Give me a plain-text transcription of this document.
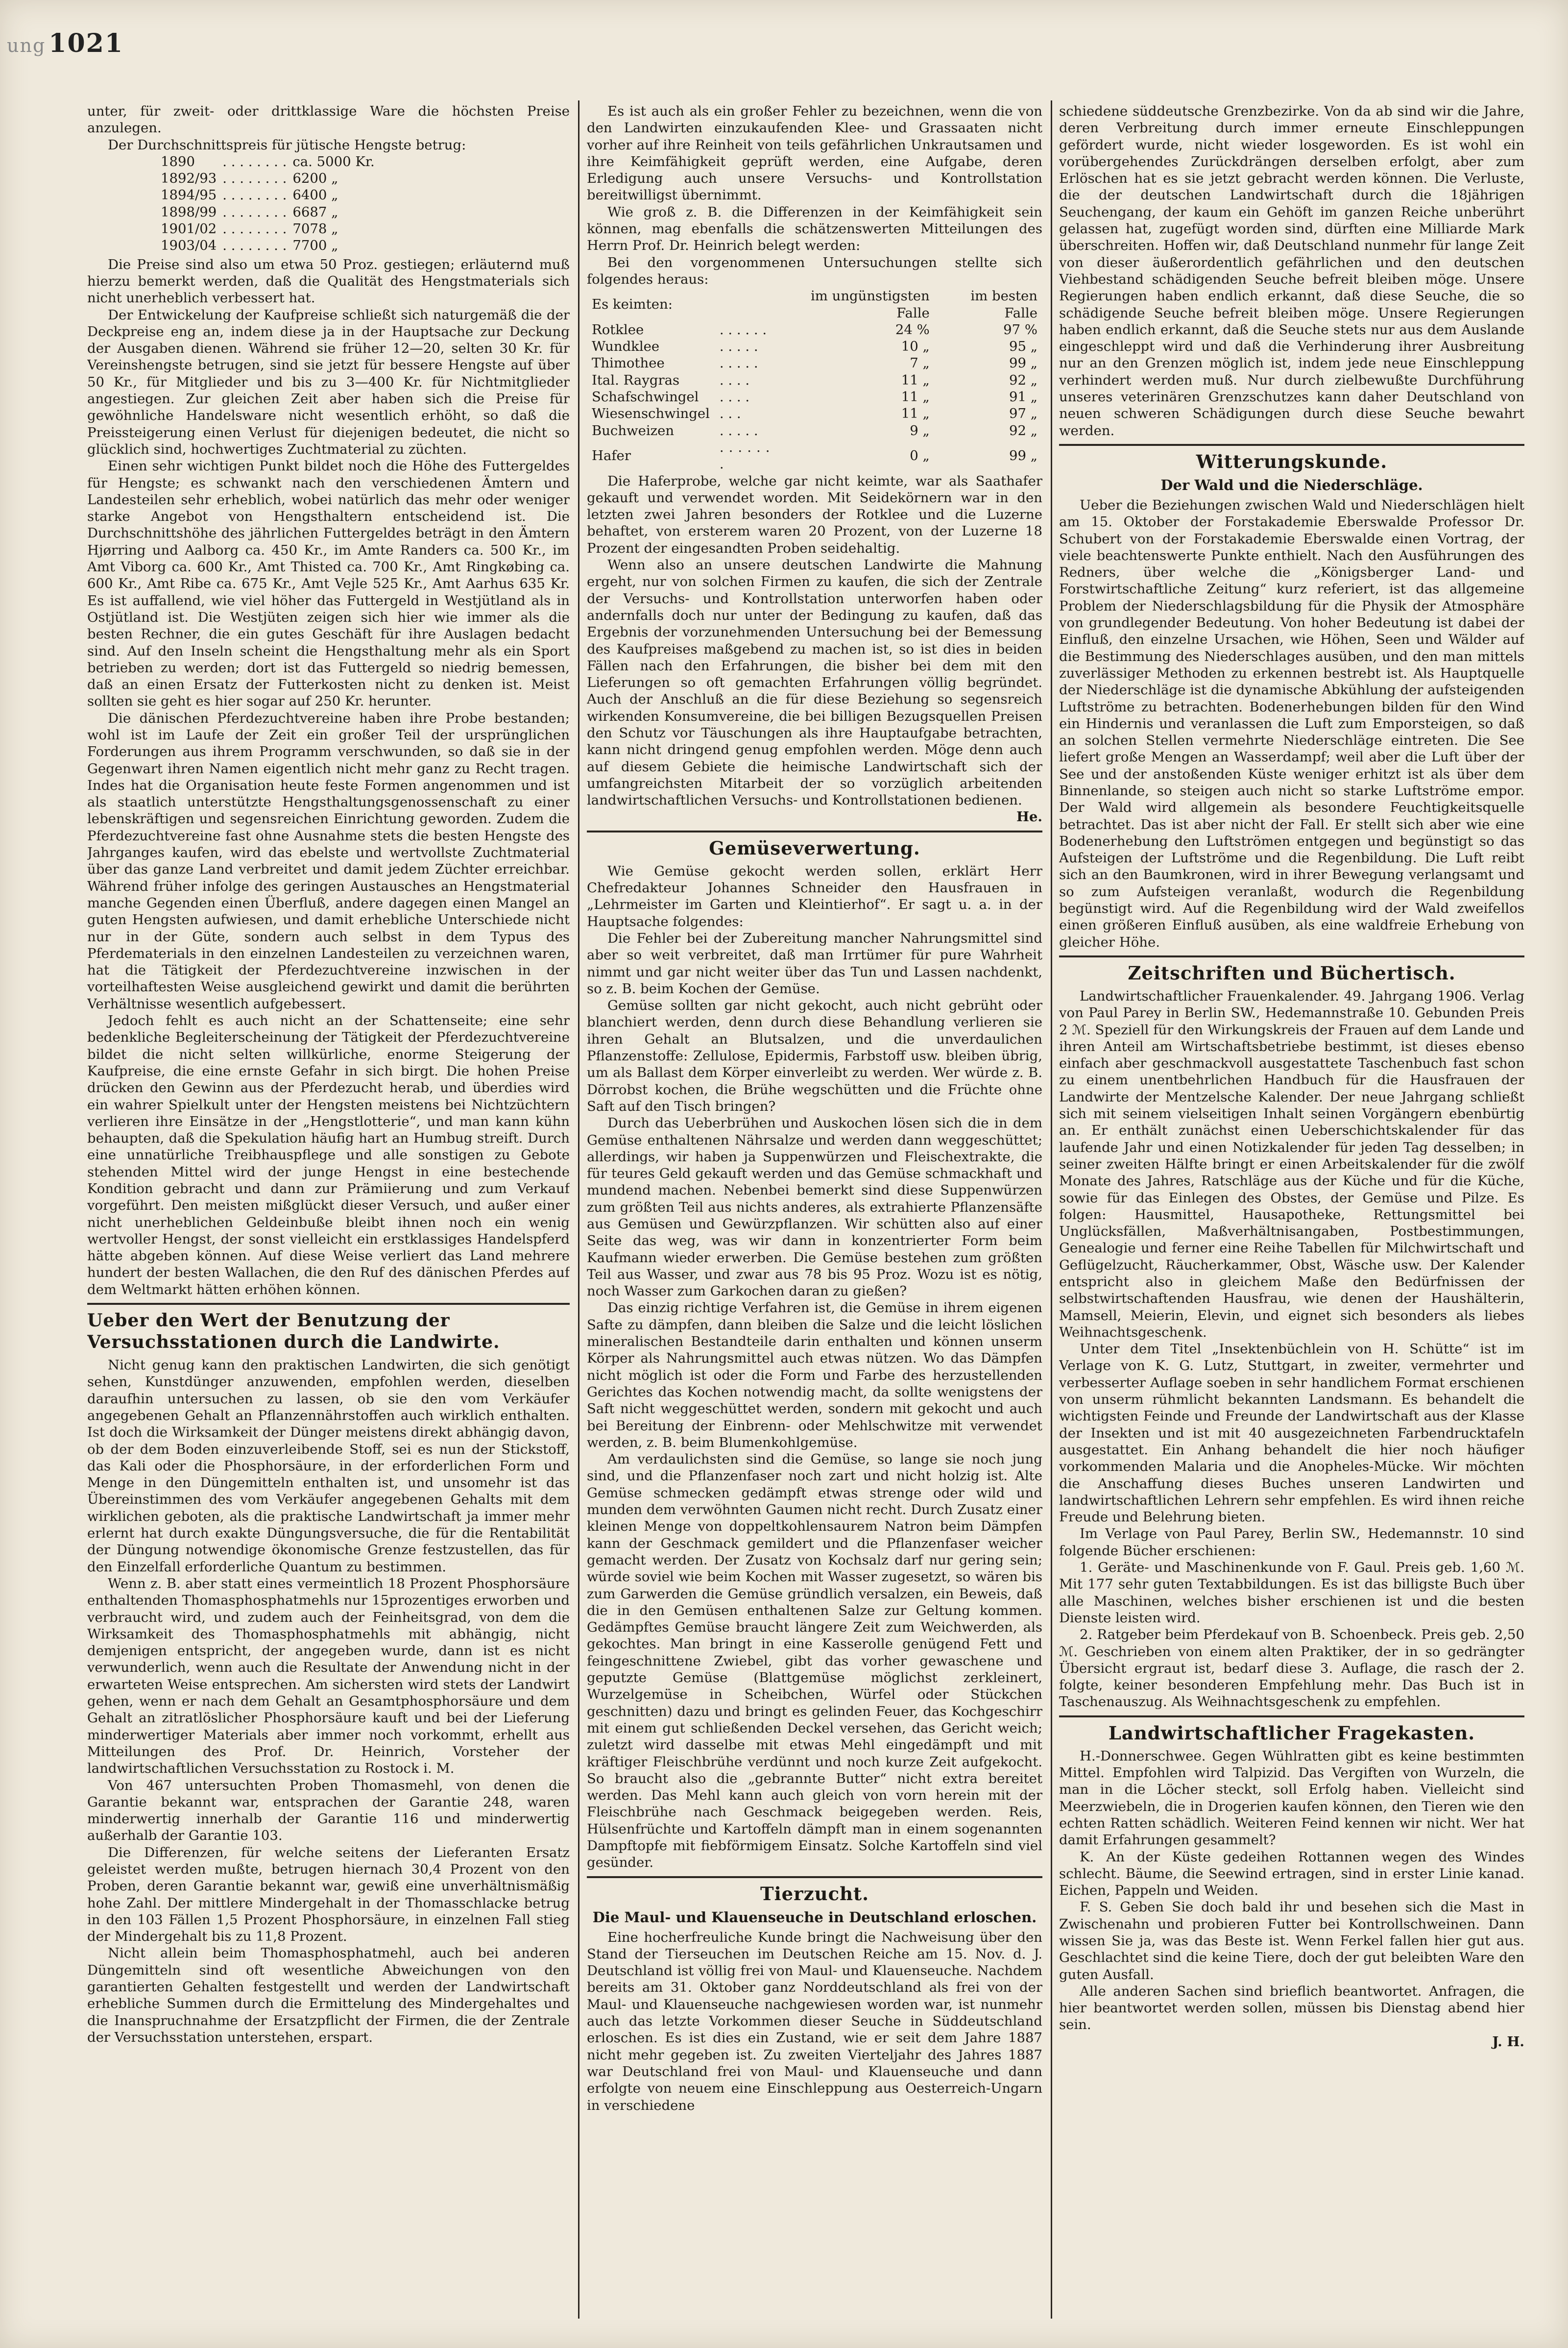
ung 1021

unter, für zweit- oder drittklassige Ware die höchsten Preise anzulegen.

Der Durchschnittspreis für jütische Hengste betrug:

1890	. . . . . . . .	ca. 5000 Kr.
1892/93	. . . . . . . .	6200 „
1894/95	. . . . . . . .	6400 „
1898/99	. . . . . . . .	6687 „
1901/02	. . . . . . . .	7078 „
1903/04	. . . . . . . .	7700 „

Die Preise sind also um etwa 50 Proz. gestiegen; erläuternd muß hierzu bemerkt werden, daß die Qualität des Hengstmaterials sich nicht unerheblich verbessert hat.

Der Entwickelung der Kaufpreise schließt sich naturgemäß die der Deckpreise eng an, indem diese ja in der Hauptsache zur Deckung der Ausgaben dienen. Während sie früher 12—20, selten 30 Kr. für Vereinshengste betrugen, sind sie jetzt für bessere Hengste auf über 50 Kr., für Mitglieder und bis zu 3—400 Kr. für Nichtmitglieder angestiegen. Zur gleichen Zeit aber haben sich die Preise für gewöhnliche Handelsware nicht wesentlich erhöht, so daß die Preissteigerung einen Verlust für diejenigen bedeutet, die nicht so glücklich sind, hochwertiges Zuchtmaterial zu züchten.

Einen sehr wichtigen Punkt bildet noch die Höhe des Futtergeldes für Hengste; es schwankt nach den verschiedenen Ämtern und Landesteilen sehr erheblich, wobei natürlich das mehr oder weniger starke Angebot von Hengsthaltern entscheidend ist. Die Durchschnittshöhe des jährlichen Futtergeldes beträgt in den Ämtern Hjørring und Aalborg ca. 450 Kr., im Amte Randers ca. 500 Kr., im Amt Viborg ca. 600 Kr., Amt Thisted ca. 700 Kr., Amt Ringkøbing ca. 600 Kr., Amt Ribe ca. 675 Kr., Amt Vejle 525 Kr., Amt Aarhus 635 Kr. Es ist auffallend, wie viel höher das Futtergeld in Westjütland als in Ostjütland ist. Die Westjüten zeigen sich hier wie immer als die besten Rechner, die ein gutes Geschäft für ihre Auslagen bedacht sind. Auf den Inseln scheint die Hengsthaltung mehr als ein Sport betrieben zu werden; dort ist das Futtergeld so niedrig bemessen, daß an einen Ersatz der Futterkosten nicht zu denken ist. Meist sollten sie geht es hier sogar auf 250 Kr. herunter.

Die dänischen Pferdezuchtvereine haben ihre Probe bestanden; wohl ist im Laufe der Zeit ein großer Teil der ursprünglichen Forderungen aus ihrem Programm verschwunden, so daß sie in der Gegenwart ihren Namen eigentlich nicht mehr ganz zu Recht tragen. Indes hat die Organisation heute feste Formen angenommen und ist als staatlich unterstützte Hengsthaltungsgenossenschaft zu einer lebenskräftigen und segensreichen Einrichtung geworden. Zudem die Pferdezuchtvereine fast ohne Ausnahme stets die besten Hengste des Jahrganges kaufen, wird das ebelste und wertvollste Zuchtmaterial über das ganze Land verbreitet und damit jedem Züchter erreichbar. Während früher infolge des geringen Austausches an Hengstmaterial manche Gegenden einen Überfluß, andere dagegen einen Mangel an guten Hengsten aufwiesen, und damit erhebliche Unterschiede nicht nur in der Güte, sondern auch selbst in dem Typus des Pferdematerials in den einzelnen Landesteilen zu verzeichnen waren, hat die Tätigkeit der Pferdezuchtvereine inzwischen in der vorteilhaftesten Weise ausgleichend gewirkt und damit die berührten Verhältnisse wesentlich aufgebessert.

Jedoch fehlt es auch nicht an der Schattenseite; eine sehr bedenkliche Begleiterscheinung der Tätigkeit der Pferdezuchtvereine bildet die nicht selten willkürliche, enorme Steigerung der Kaufpreise, die eine ernste Gefahr in sich birgt. Die hohen Preise drücken den Gewinn aus der Pferdezucht herab, und überdies wird ein wahrer Spielkult unter der Hengsten meistens bei Nichtzüchtern verlieren ihre Einsätze in der „Hengstlotterie“, und man kann kühn behaupten, daß die Spekulation häufig hart an Humbug streift. Durch eine unnatürliche Treibhauspflege und alle sonstigen zu Gebote stehenden Mittel wird der junge Hengst in eine bestechende Kondition gebracht und dann zur Prämiierung und zum Verkauf vorgeführt. Den meisten mißglückt dieser Versuch, und außer einer nicht unerheblichen Geldeinbuße bleibt ihnen noch ein wenig wertvoller Hengst, der sonst vielleicht ein erstklassiges Handelspferd hätte abgeben können. Auf diese Weise verliert das Land mehrere hundert der besten Wallachen, die den Ruf des dänischen Pferdes auf dem Weltmarkt hätten erhöhen können.

Ueber den Wert der Benutzung der Versuchsstationen durch die Landwirte.

Nicht genug kann den praktischen Landwirten, die sich genötigt sehen, Kunstdünger anzuwenden, empfohlen werden, dieselben daraufhin untersuchen zu lassen, ob sie den vom Verkäufer angegebenen Gehalt an Pflanzennährstoffen auch wirklich enthalten. Ist doch die Wirksamkeit der Dünger meistens direkt abhängig davon, ob der dem Boden einzuverleibende Stoff, sei es nun der Stickstoff, das Kali oder die Phosphorsäure, in der erforderlichen Form und Menge in den Düngemitteln enthalten ist, und unsomehr ist das Übereinstimmen des vom Verkäufer angegebenen Gehalts mit dem wirklichen geboten, als die praktische Landwirtschaft ja immer mehr erlernt hat durch exakte Düngungsversuche, die für die Rentabilität der Düngung notwendige ökonomische Grenze festzustellen, das für den Einzelfall erforderliche Quantum zu bestimmen.

Wenn z. B. aber statt eines vermeintlich 18 Prozent Phosphorsäure enthaltenden Thomasphosphatmehls nur 15prozentiges erworben und verbraucht wird, und zudem auch der Feinheitsgrad, von dem die Wirksamkeit des Thomasphosphatmehls mit abhängig, nicht demjenigen entspricht, der angegeben wurde, dann ist es nicht verwunderlich, wenn auch die Resultate der Anwendung nicht in der erwarteten Weise entsprechen. Am sichersten wird stets der Landwirt gehen, wenn er nach dem Gehalt an Gesamtphosphorsäure und dem Gehalt an zitratlöslicher Phosphorsäure kauft und bei der Lieferung minderwertiger Materials aber immer noch vorkommt, erhellt aus Mitteilungen des Prof. Dr. Heinrich, Vorsteher der landwirtschaftlichen Versuchsstation zu Rostock i. M.

Von 467 untersuchten Proben Thomasmehl, von denen die Garantie bekannt war, entsprachen der Garantie 248, waren minderwertig innerhalb der Garantie 116 und minderwertig außerhalb der Garantie 103.

Die Differenzen, für welche seitens der Lieferanten Ersatz geleistet werden mußte, betrugen hiernach 30,4 Prozent von den Proben, deren Garantie bekannt war, gewiß eine unverhältnismäßig hohe Zahl. Der mittlere Mindergehalt in der Thomasschlacke betrug in den 103 Fällen 1,5 Prozent Phosphorsäure, in einzelnen Fall stieg der Mindergehalt bis zu 11,8 Prozent.

Nicht allein beim Thomasphosphatmehl, auch bei anderen Düngemitteln sind oft wesentliche Abweichungen von den garantierten Gehalten festgestellt und werden der Landwirtschaft erhebliche Summen durch die Ermittelung des Mindergehaltes und die Inanspruchnahme der Ersatzpflicht der Firmen, die der Zentrale der Versuchsstation unterstehen, erspart.

Es ist auch als ein großer Fehler zu bezeichnen, wenn die von den Landwirten einzukaufenden Klee- und Grassaaten nicht vorher auf ihre Reinheit von teils gefährlichen Unkrautsamen und ihre Keimfähigkeit geprüft werden, eine Aufgabe, deren Erledigung auch unsere Versuchs- und Kontrollstation bereitwilligst übernimmt.

Wie groß z. B. die Differenzen in der Keimfähigkeit sein können, mag ebenfalls die schätzenswerten Mitteilungen des Herrn Prof. Dr. Heinrich belegt werden:

Bei den vorgenommenen Untersuchungen stellte sich folgendes heraus:

Es keimten:		im ungünstigsten Falle	im besten Falle
Rotklee	. . . . . .	24 %	97 %
Wundklee	. . . . .	10 „	95 „
Thimothee	. . . . .	7 „	99 „
Ital. Raygras	. . . .	11 „	92 „
Schafschwingel	. . . .	11 „	91 „
Wiesenschwingel	. . .	11 „	97 „
Buchweizen	. . . . .	9 „	92 „
Hafer	. . . . . . .	0 „	99 „

Die Haferprobe, welche gar nicht keimte, war als Saathafer gekauft und verwendet worden. Mit Seidekörnern war in den letzten zwei Jahren besonders der Rotklee und die Luzerne behaftet, von ersterem waren 20 Prozent, von der Luzerne 18 Prozent der eingesandten Proben seidehaltig.

Wenn also an unsere deutschen Landwirte die Mahnung ergeht, nur von solchen Firmen zu kaufen, die sich der Zentrale der Versuchs- und Kontrollstation unterworfen haben oder andernfalls doch nur unter der Bedingung zu kaufen, daß das Ergebnis der vorzunehmenden Untersuchung bei der Bemessung des Kaufpreises maßgebend zu machen ist, so ist dies in beiden Fällen nach den Erfahrungen, die bisher bei dem mit den Lieferungen so oft gemachten Erfahrungen völlig begründet. Auch der Anschluß an die für diese Beziehung so segensreich wirkenden Konsumvereine, die bei billigen Bezugsquellen Preisen den Schutz vor Täuschungen als ihre Hauptaufgabe betrachten, kann nicht dringend genug empfohlen werden. Möge denn auch auf diesem Gebiete die heimische Landwirtschaft sich der umfangreichsten Mitarbeit der so vorzüglich arbeitenden landwirtschaftlichen Versuchs- und Kontrollstationen bedienen.

He.
Gemüseverwertung.

Wie Gemüse gekocht werden sollen, erklärt Herr Chefredakteur Johannes Schneider den Hausfrauen in „Lehrmeister im Garten und Kleintierhof“. Er sagt u. a. in der Hauptsache folgendes:

Die Fehler bei der Zubereitung mancher Nahrungsmittel sind aber so weit verbreitet, daß man Irrtümer für pure Wahrheit nimmt und gar nicht weiter über das Tun und Lassen nachdenkt, so z. B. beim Kochen der Gemüse.

Gemüse sollten gar nicht gekocht, auch nicht gebrüht oder blanchiert werden, denn durch diese Behandlung verlieren sie ihren Gehalt an Blutsalzen, und die unverdaulichen Pflanzenstoffe: Zellulose, Epidermis, Farbstoff usw. bleiben übrig, um als Ballast dem Körper einverleibt zu werden. Wer würde z. B. Dörrobst kochen, die Brühe wegschütten und die Früchte ohne Saft auf den Tisch bringen?

Durch das Ueberbrühen und Auskochen lösen sich die in dem Gemüse enthaltenen Nährsalze und werden dann weggeschüttet; allerdings, wir haben ja Suppenwürzen und Fleischextrakte, die für teures Geld gekauft werden und das Gemüse schmackhaft und mundend machen. Nebenbei bemerkt sind diese Suppenwürzen zum größten Teil aus nichts anderes, als extrahierte Pflanzensäfte aus Gemüsen und Gewürzpflanzen. Wir schütten also auf einer Seite das weg, was wir dann in konzentrierter Form beim Kaufmann wieder erwerben. Die Gemüse bestehen zum größten Teil aus Wasser, und zwar aus 78 bis 95 Proz. Wozu ist es nötig, noch Wasser zum Garkochen daran zu gießen?

Das einzig richtige Verfahren ist, die Gemüse in ihrem eigenen Safte zu dämpfen, dann bleiben die Salze und die leicht löslichen mineralischen Bestandteile darin enthalten und können unserm Körper als Nahrungsmittel auch etwas nützen. Wo das Dämpfen nicht möglich ist oder die Form und Farbe des herzustellenden Gerichtes das Kochen notwendig macht, da sollte wenigstens der Saft nicht weggeschüttet werden, sondern mit gekocht und auch bei Bereitung der Einbrenn- oder Mehlschwitze mit verwendet werden, z. B. beim Blumenkohlgemüse.

Am verdaulichsten sind die Gemüse, so lange sie noch jung sind, und die Pflanzenfaser noch zart und nicht holzig ist. Alte Gemüse schmecken gedämpft etwas strenge oder wild und munden dem verwöhnten Gaumen nicht recht. Durch Zusatz einer kleinen Menge von doppeltkohlensaurem Natron beim Dämpfen kann der Geschmack gemildert und die Pflanzenfaser weicher gemacht werden. Der Zusatz von Kochsalz darf nur gering sein; würde soviel wie beim Kochen mit Wasser zugesetzt, so wären bis zum Garwerden die Gemüse gründlich versalzen, ein Beweis, daß die in den Gemüsen enthaltenen Salze zur Geltung kommen. Gedämpftes Gemüse braucht längere Zeit zum Weichwerden, als gekochtes. Man bringt in eine Kasserolle genügend Fett und feingeschnittene Zwiebel, gibt das vorher gewaschene und geputzte Gemüse (Blattgemüse möglichst zerkleinert, Wurzelgemüse in Scheibchen, Würfel oder Stückchen geschnitten) dazu und bringt es gelinden Feuer, das Kochgeschirr mit einem gut schließenden Deckel versehen, das Gericht weich; zuletzt wird dasselbe mit etwas Mehl eingedämpft und mit kräftiger Fleischbrühe verdünnt und noch kurze Zeit aufgekocht. So braucht also die „gebrannte Butter“ nicht extra bereitet werden. Das Mehl kann auch gleich von vorn herein mit der Fleischbrühe nach Geschmack beigegeben werden. Reis, Hülsenfrüchte und Kartoffeln dämpft man in einem sogenannten Dampftopfe mit fiebförmigem Einsatz. Solche Kartoffeln sind viel gesünder.

Tierzucht.
Die Maul- und Klauenseuche in Deutschland erloschen.

Eine hocherfreuliche Kunde bringt die Nachweisung über den Stand der Tierseuchen im Deutschen Reiche am 15. Nov. d. J. Deutschland ist völlig frei von Maul- und Klauenseuche. Nachdem bereits am 31. Oktober ganz Norddeutschland als frei von der Maul- und Klauenseuche nachgewiesen worden war, ist nunmehr auch das letzte Vorkommen dieser Seuche in Süddeutschland erloschen. Es ist dies ein Zustand, wie er seit dem Jahre 1887 nicht mehr gegeben ist. Zu zweiten Vierteljahr des Jahres 1887 war Deutschland frei von Maul- und Klauenseuche und dann erfolgte von neuem eine Einschleppung aus Oesterreich-Ungarn in verschiedene

schiedene süddeutsche Grenzbezirke. Von da ab sind wir die Jahre, deren Verbreitung durch immer erneute Einschleppungen gefördert wurde, nicht wieder losgeworden. Es ist wohl ein vorübergehendes Zurückdrängen derselben erfolgt, aber zum Erlöschen hat es sie jetzt gebracht werden können. Die Verluste, die der deutschen Landwirtschaft durch die 18jährigen Seuchengang, der kaum ein Gehöft im ganzen Reiche unberührt gelassen hat, zugefügt worden sind, dürften eine Milliarde Mark überschreiten. Hoffen wir, daß Deutschland nunmehr für lange Zeit von dieser äußerordentlich gefährlichen und den deutschen Viehbestand schädigenden Seuche befreit bleiben möge. Unsere Regierungen haben endlich erkannt, daß diese Seuche, die so schädigende Seuche befreit bleiben möge. Unsere Regierungen haben endlich erkannt, daß die Seuche stets nur aus dem Auslande eingeschleppt wird und daß die Verhinderung ihrer Ausbreitung nur an den Grenzen möglich ist, indem jede neue Einschleppung verhindert werden muß. Nur durch zielbewußte Durchführung unseres veterinären Grenzschutzes kann daher Deutschland von neuen schweren Schädigungen durch diese Seuche bewahrt werden.

Witterungskunde.
Der Wald und die Niederschläge.

Ueber die Beziehungen zwischen Wald und Niederschlägen hielt am 15. Oktober der Forstakademie Eberswalde Professor Dr. Schubert von der Forstakademie Eberswalde einen Vortrag, der viele beachtenswerte Punkte enthielt. Nach den Ausführungen des Redners, über welche die „Königsberger Land- und Forstwirtschaftliche Zeitung“ kurz referiert, ist das allgemeine Problem der Niederschlagsbildung für die Physik der Atmosphäre von grundlegender Bedeutung. Von hoher Bedeutung ist dabei der Einfluß, den einzelne Ursachen, wie Höhen, Seen und Wälder auf die Bestimmung des Niederschlages ausüben, und den man mittels zuverlässiger Methoden zu erkennen bestrebt ist. Als Hauptquelle der Niederschläge ist die dynamische Abkühlung der aufsteigenden Luftströme zu betrachten. Bodenerhebungen bilden für den Wind ein Hindernis und veranlassen die Luft zum Emporsteigen, so daß an solchen Stellen vermehrte Niederschläge eintreten. Die See liefert große Mengen an Wasserdampf; weil aber die Luft über der See und der anstoßenden Küste weniger erhitzt ist als über dem Binnenlande, so steigen auch nicht so starke Luftströme empor. Der Wald wird allgemein als besondere Feuchtigkeitsquelle betrachtet. Das ist aber nicht der Fall. Er stellt sich aber wie eine Bodenerhebung den Luftströmen entgegen und begünstigt so das Aufsteigen der Luftströme und die Regenbildung. Die Luft reibt sich an den Baumkronen, wird in ihrer Bewegung verlangsamt und so zum Aufsteigen veranlaßt, wodurch die Regenbildung begünstigt wird. Auf die Regenbildung wird der Wald zweifellos einen größeren Einfluß ausüben, als eine waldfreie Erhebung von gleicher Höhe.

Zeitschriften und Büchertisch.

Landwirtschaftlicher Frauenkalender. 49. Jahrgang 1906. Verlag von Paul Parey in Berlin SW., Hedemannstraße 10. Gebunden Preis 2 ℳ. Speziell für den Wirkungskreis der Frauen auf dem Lande und ihren Anteil am Wirtschaftsbetriebe bestimmt, ist dieses ebenso einfach aber geschmackvoll ausgestattete Taschenbuch fast schon zu einem unentbehrlichen Handbuch für die Hausfrauen der Landwirte der Mentzelsche Kalender. Der neue Jahrgang schließt sich mit seinem vielseitigen Inhalt seinen Vorgängern ebenbürtig an. Er enthält zunächst einen Ueberschichtskalender für das laufende Jahr und einen Notizkalender für jeden Tag desselben; in seiner zweiten Hälfte bringt er einen Arbeitskalender für die zwölf Monate des Jahres, Ratschläge aus der Küche und für die Küche, sowie für das Einlegen des Obstes, der Gemüse und Pilze. Es folgen: Hausmittel, Hausapotheke, Rettungsmittel bei Unglücksfällen, Maßverhältnisangaben, Postbestimmungen, Genealogie und ferner eine Reihe Tabellen für Milchwirtschaft und Geflügelzucht, Räucherkammer, Obst, Wäsche usw. Der Kalender entspricht also in gleichem Maße den Bedürfnissen der selbstwirtschaftenden Hausfrau, wie denen der Haushälterin, Mamsell, Meierin, Elevin, und eignet sich besonders als liebes Weihnachtsgeschenk.

Unter dem Titel „Insektenbüchlein von H. Schütte“ ist im Verlage von K. G. Lutz, Stuttgart, in zweiter, vermehrter und verbesserter Auflage soeben in sehr handlichem Format erschienen von unserm rühmlicht bekannten Landsmann. Es behandelt die wichtigsten Feinde und Freunde der Landwirtschaft aus der Klasse der Insekten und ist mit 40 ausgezeichneten Farbendrucktafeln ausgestattet. Ein Anhang behandelt die hier noch häufiger vorkommenden Malaria und die Anopheles-Mücke. Wir möchten die Anschaffung dieses Buches unseren Landwirten und landwirtschaftlichen Lehrern sehr empfehlen. Es wird ihnen reiche Freude und Belehrung bieten.

Im Verlage von Paul Parey, Berlin SW., Hedemannstr. 10 sind folgende Bücher erschienen:

1. Geräte- und Maschinenkunde von F. Gaul. Preis geb. 1,60 ℳ. Mit 177 sehr guten Textabbildungen. Es ist das billigste Buch über alle Maschinen, welches bisher erschienen ist und die besten Dienste leisten wird.

2. Ratgeber beim Pferdekauf von B. Schoenbeck. Preis geb. 2,50 ℳ. Geschrieben von einem alten Praktiker, der in so gedrängter Übersicht ergraut ist, bedarf diese 3. Auflage, die rasch der 2. folgte, keiner besonderen Empfehlung mehr. Das Buch ist in Taschenauszug. Als Weihnachtsgeschenk zu empfehlen.

Landwirtschaftlicher Fragekasten.

H.-Donnerschwee. Gegen Wühlratten gibt es keine bestimmten Mittel. Empfohlen wird Talpizid. Das Vergiften von Wurzeln, die man in die Löcher steckt, soll Erfolg haben. Vielleicht sind Meerzwiebeln, die in Drogerien kaufen können, den Tieren wie den echten Ratten schädlich. Weiteren Feind kennen wir nicht. Wer hat damit Erfahrungen gesammelt?

K. An der Küste gedeihen Rottannen wegen des Windes schlecht. Bäume, die Seewind ertragen, sind in erster Linie kanad. Eichen, Pappeln und Weiden.

F. S. Geben Sie doch bald ihr und besehen sich die Mast in Zwischenahn und probieren Futter bei Kontrollschweinen. Dann wissen Sie ja, was das Beste ist. Wenn Ferkel fallen hier gut aus. Geschlachtet sind die keine Tiere, doch der gut beleibten Ware den guten Ausfall.

Alle anderen Sachen sind brieflich beantwortet. Anfragen, die hier beantwortet werden sollen, müssen bis Dienstag abend hier sein.

J. H.
